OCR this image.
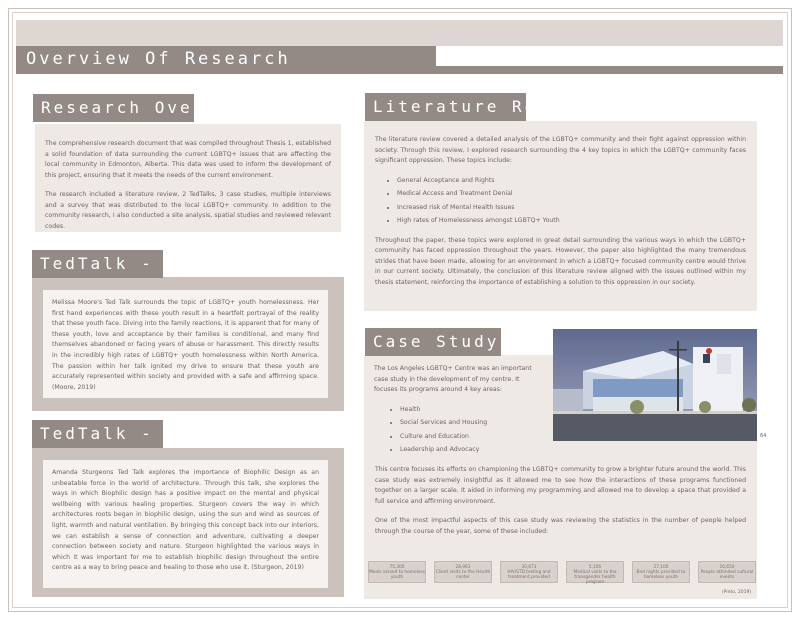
Overview Of Research

The comprehensive research document that was compiled throughout Thesis 1, established a solid foundation of data surrounding the current LGBTQ+ issues that are affecting the local community in Edmonton, Alberta. This data was used to inform the development of this project, ensuring that it meets the needs of the current environment.

The research included a literature review, 2 TedTalks, 3 case studies, multiple interviews and a survey that was distributed to the local LGBTQ+ community. In addition to the community research, I also conducted a site analysis, spatial studies and reviewed relevant codes.

Research Overview
TedTalk - 1
Melissa Moore's Ted Talk surrounds the topic of LGBTQ+ youth homelessness. Her first hand experiences with these youth result in a heartfelt portrayal of the reality that these youth face. Diving into the family reactions, it is apparent that for many of these youth, love and acceptance by their families is conditional, and many find themselves abandoned or facing years of abuse or harassment. This directly results in the incredibly high rates of LGBTQ+ youth homelessness within North America. The passion within her talk ignited my drive to ensure that these youth are accurately represented within society and provided with a safe and affirming space. (Moore, 2019)
TedTalk - 2
Amanda Sturgeons Ted Talk explores the importance of Biophilic Design as an unbeatable force in the world of architecture. Through this talk, she explores the ways in which Biophilic design has a positive impact on the mental and physical wellbeing with various healing properties. Sturgeon covers the way in which architectures roots began in biophilic design, using the sun and wind as sources of light, warmth and natural ventilation. By bringing this concept back into our interiors, we can establish a sense of connection and adventure, cultivating a deeper connection between society and nature. Sturgeon highlighted the various ways in which it was important for me to establish biophilic design throughout the entire centre as a way to bring peace and healing to those who use it. (Sturgeon, 2019)

The literature review covered a detailed analysis of the LGBTQ+ community and their fight against oppression within society. Through this review, I explored research surrounding the 4 key topics in which the LGBTQ+ community faces significant oppression. These topics include:

• General Acceptance and Rights
• Medical Access and Treatment Denial
• Increased risk of Mental Health Issues
• High rates of Homelessness amongst LGBTQ+ Youth

Throughout the paper, these topics were explored in great detail surrounding the various ways in which the LGBTQ+ community has faced oppression throughout the years. However, the paper also highlighted the many tremendous strides that have been made, allowing for an environment in which a LGBTQ+ focused community centre would thrive in our current society. Ultimately, the conclusion of this literature review aligned with the issues outlined within my thesis statement, reinforcing the importance of establishing a solution to this oppression in our society.

Literature Review

The Los Angeles LGBTQ+ Centre was an important case study in the development of my centre. It focuses its programs around 4 key areas:

• Health
• Social Services and Housing
• Culture and Education
• Leadership and Advocacy
Case Study - 1
64

This centre focuses its efforts on championing the LGBTQ+ community to grow a brighter future around the world. This case study was extremely insightful as it allowed me to see how the interactions of these programs functioned together on a larger scale. It aided in informing my programming and allowed me to develop a space that provided a full service and affirming environment.

One of the most impactful aspects of this case study was reviewing the statistics in the number of people helped through the course of the year, some of these included:

75,300
Meals served to homeless youth
28,963
Client visits to the Health center
30,673
HIV/STD testing and treatment provided
5,106
Medical visits to the transgender health program
27,100
Bed nights provided to homeless youth
16,650
People attended cultural events
(Pinto, 2019)
